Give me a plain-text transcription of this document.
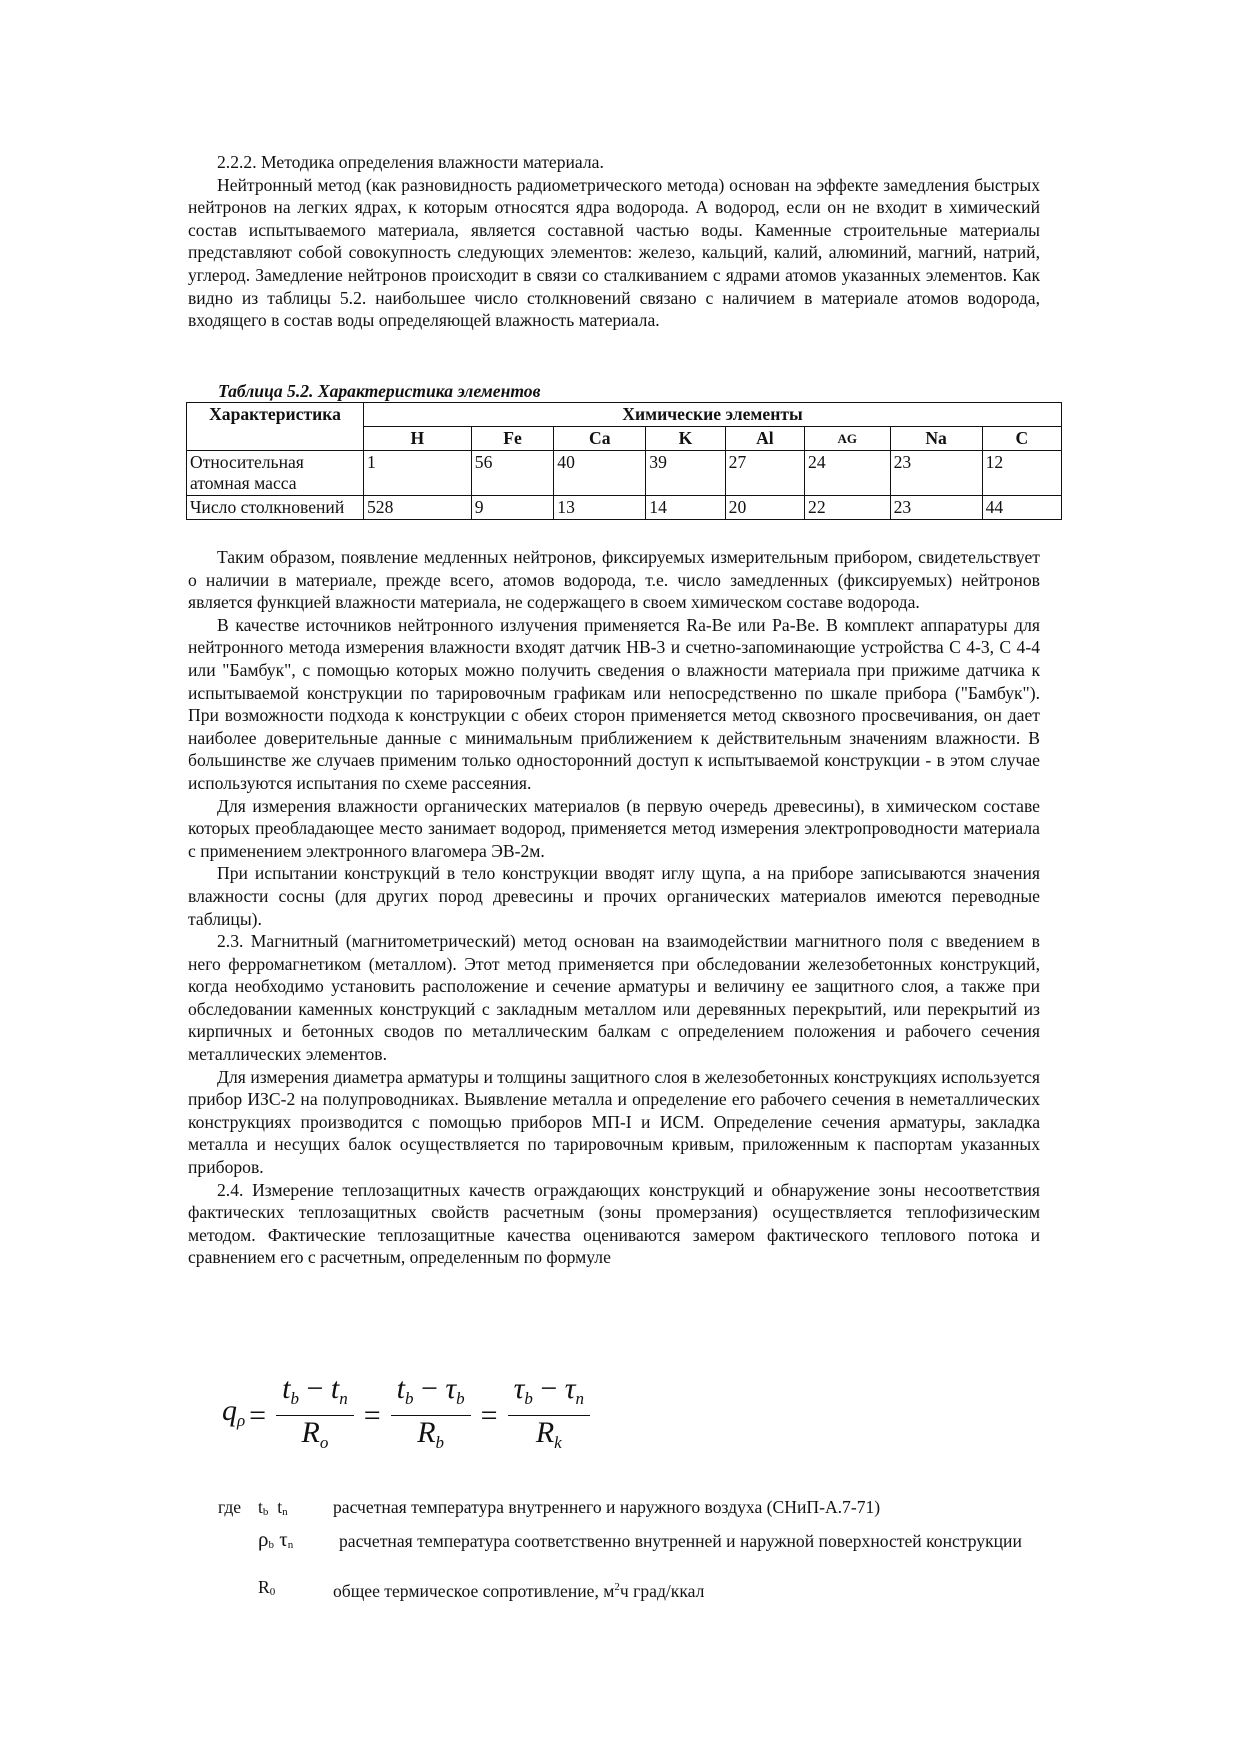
2.2.2. Методика определения влажности материала.

Нейтронный метод (как разновидность радиометрического метода) основан на эффекте замедления быстрых нейтронов на легких ядрах, к которым относятся ядра водорода. А водород, если он не входит в химический состав испытываемого материала, является составной частью воды. Каменные строительные материалы представляют собой совокупность следующих элементов: железо, кальций, калий, алюминий, магний, натрий, углерод. Замедление нейтронов происходит в связи со сталкиванием с ядрами атомов указанных элементов. Как видно из таблицы 5.2. наибольшее число столкновений связано с наличием в материале атомов водорода, входящего в состав воды определяющей влажность материала.

Таблица 5.2. Характеристика элементов
Характеристика	Химические элементы							
	H	Fe	Ca	K	Al	AG	Na	C
Относительная атомная масса	1	56	40	39	27	24	23	12
Число столкновений	528	9	13	14	20	22	23	44

Таким образом, появление медленных нейтронов, фиксируемых измерительным прибором, свидетельствует о наличии в материале, прежде всего, атомов водорода, т.е. число замедленных (фиксируемых) нейтронов является функцией влажности материала, не содержащего в своем химическом составе водорода.

В качестве источников нейтронного излучения применяется Ra-Be или Pa-Be. В комплект аппаратуры для нейтронного метода измерения влажности входят датчик НВ-3 и счетно-запоминающие устройства С 4-3, С 4-4 или "Бамбук", с помощью которых можно получить сведения о влажности материала при прижиме датчика к испытываемой конструкции по тарировочным графикам или непосредственно по шкале прибора ("Бамбук"). При возможности подхода к конструкции с обеих сторон применяется метод сквозного просвечивания, он дает наиболее доверительные данные с минимальным приближением к действительным значениям влажности. В большинстве же случаев применим только односторонний доступ к испытываемой конструкции - в этом случае используются испытания по схеме рассеяния.

Для измерения влажности органических материалов (в первую очередь древесины), в химическом составе которых преобладающее место занимает водород, применяется метод измерения электропроводности материала с применением электронного влагомера ЭВ-2м.

При испытании конструкций в тело конструкции вводят иглу щупа, а на приборе записываются значения влажности сосны (для других пород древесины и прочих органических материалов имеются переводные таблицы).

2.3. Магнитный (магнитометрический) метод основан на взаимодействии магнитного поля с введением в него ферромагнетиком (металлом). Этот метод применяется при обследовании железобетонных конструкций, когда необходимо установить расположение и сечение арматуры и величину ее защитного слоя, а также при обследовании каменных конструкций с закладным металлом или деревянных перекрытий, или перекрытий из кирпичных и бетонных сводов по металлическим балкам с определением положения и рабочего сечения металлических элементов.

Для измерения диаметра арматуры и толщины защитного слоя в железобетонных конструкциях используется прибор ИЗС-2 на полупроводниках. Выявление металла и определение его рабочего сечения в неметаллических конструкциях производится с помощью приборов МП-I и ИСМ. Определение сечения арматуры, закладка металла и несущих балок осуществляется по тарировочным кривым, приложенным к паспортам указанных приборов.

2.4. Измерение теплозащитных качеств ограждающих конструкций и обнаружение зоны несоответствия фактических теплозащитных свойств расчетным (зоны промерзания) осуществляется теплофизическим методом. Фактические теплозащитные качества оцениваются замером фактического теплового потока и сравнением его с расчетным, определенным по формуле

$q_\rho = \frac{t_b - t_n}{R_o} = \frac{t_b - \tau_b}{R_b} = \frac{\tau_b - \tau_n}{R_k}$
где $t_b$ $t_n$	расчетная температура внутреннего и наружного воздуха (СНиП-А.7-71)
$\rho_b$ $\tau_n$	расчетная температура соответственно внутренней и наружной поверхностей конструкции
$R_0$	общее термическое сопротивление, $м^2ч$ град/ккал
